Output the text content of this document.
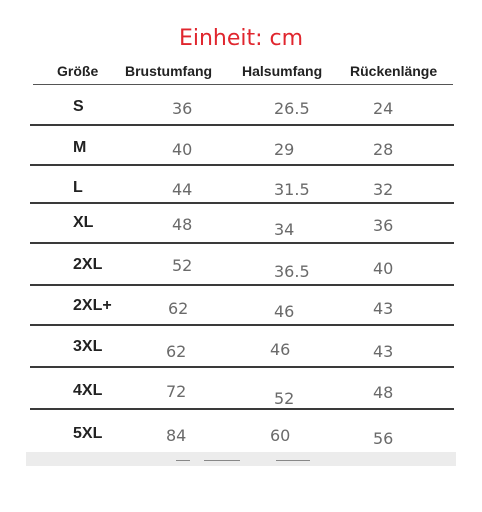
Einheit: cm
Größe Brustumfang Halsumfang Rückenlänge
S	36	26.5	24
M	40	29	28
L	44	31.5	32
XL	48	34	36
2XL	52	36.5	40
2XL+	62	46	43
3XL	62	46	43
4XL	72	52	48
5XL	84	60	56
